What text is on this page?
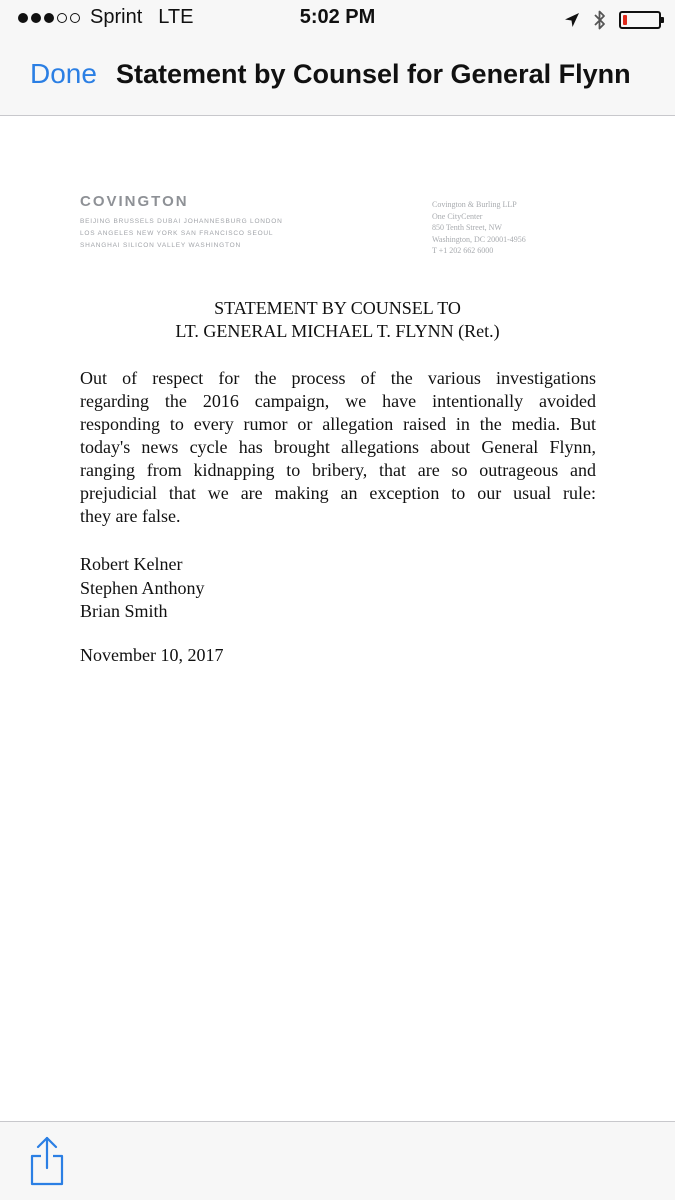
Sprint LTE	5:02 PM
Done Statement by Counsel for General Flynn
COVINGTON
BEIJING BRUSSELS DUBAI JOHANNESBURG LONDON
LOS ANGELES NEW YORK SAN FRANCISCO SEOUL
SHANGHAI SILICON VALLEY WASHINGTON
Covington & Burling LLP
One CityCenter
850 Tenth Street, NW
Washington, DC 20001-4956
T +1 202 662 6000
STATEMENT BY COUNSEL TO
LT. GENERAL MICHAEL T. FLYNN (Ret.)
Out of respect for the process of the various investigations
regarding the 2016 campaign, we have intentionally avoided
responding to every rumor or allegation raised in the media. But
today's news cycle has brought allegations about General Flynn,
ranging from kidnapping to bribery, that are so outrageous and
prejudicial that we are making an exception to our usual rule:
they are false.
Robert Kelner
Stephen Anthony
Brian Smith
November 10, 2017
